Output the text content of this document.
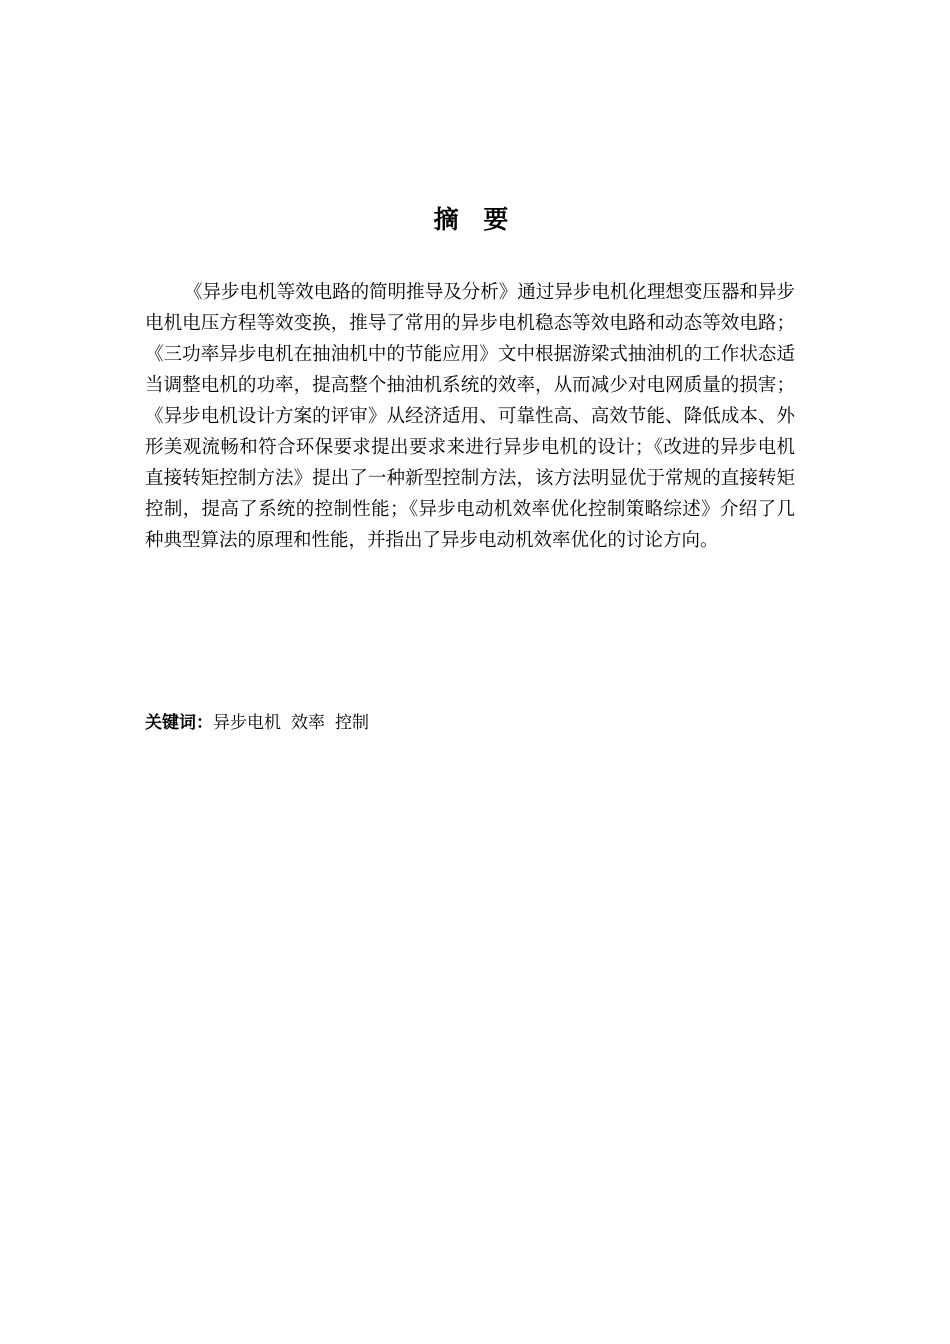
摘 要

《异步电机等效电路的简明推导及分析》通过异步电机化理想变压器和异步电机电压方程等效变换，推导了常用的异步电机稳态等效电路和动态等效电路；《三功率异步电机在抽油机中的节能应用》文中根据游梁式抽油机的工作状态适当调整电机的功率，提高整个抽油机系统的效率，从而减少对电网质量的损害；《异步电机设计方案的评审》从经济适用、可靠性高、高效节能、降低成本、外形美观流畅和符合环保要求提出要求来进行异步电机的设计；《改进的异步电机直接转矩控制方法》提出了一种新型控制方法，该方法明显优于常规的直接转矩控制，提高了系统的控制性能；《异步电动机效率优化控制策略综述》介绍了几种典型算法的原理和性能，并指出了异步电动机效率优化的讨论方向。

关键词：异步电机 效率 控制
